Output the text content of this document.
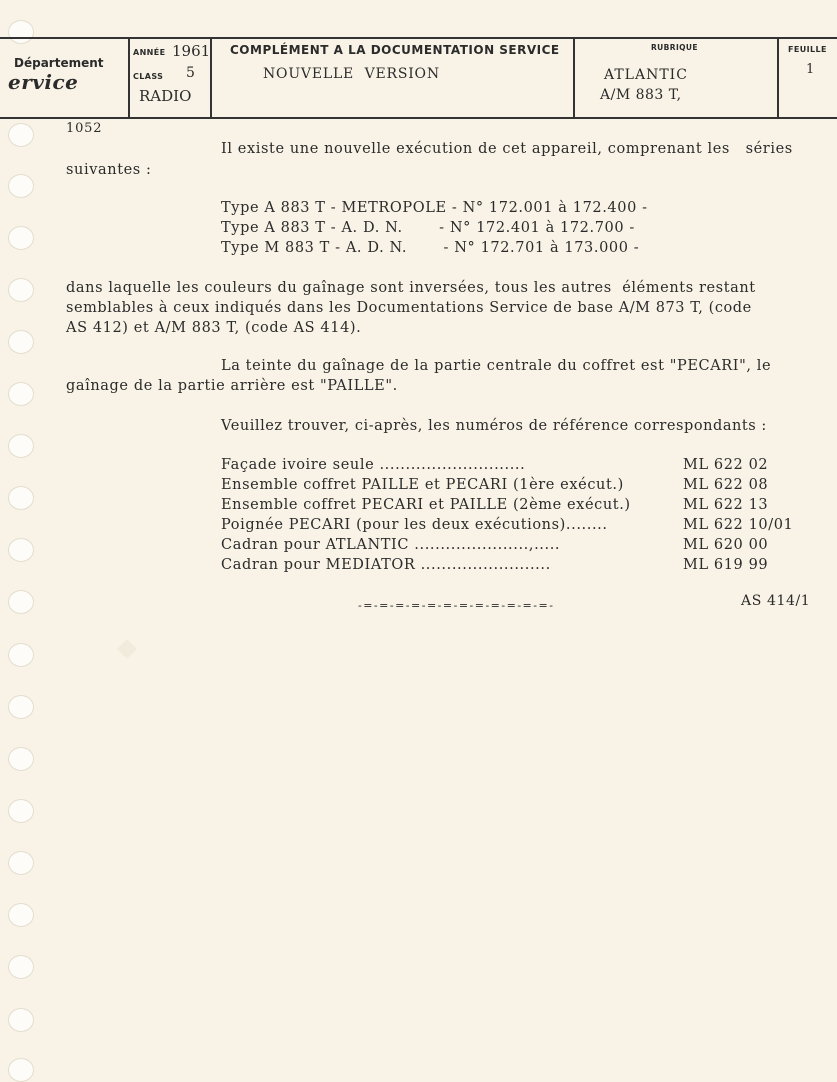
Département
ervice
ANNÉE 1961
CLASS 5
RADIO
COMPLÉMENT A LA DOCUMENTATION SERVICE
NOUVELLE  VERSION
RUBRIQUE
ATLANTIC
A/M 883 T,
FEUILLE
1
1052
Il existe une nouvelle exécution de cet appareil, comprenant les   séries
suivantes :
Type A 883 T - METROPOLE - N° 172.001 à 172.400 -
Type A 883 T - A. D. N.       - N° 172.401 à 172.700 -
Type M 883 T - A. D. N.       - N° 172.701 à 173.000 -
dans laquelle les couleurs du gaînage sont inversées, tous les autres  éléments restant
semblables à ceux indiqués dans les Documentations Service de base A/M 873 T, (code
AS 412) et A/M 883 T, (code AS 414).
La teinte du gaînage de la partie centrale du coffret est "PECARI", le
gaînage de la partie arrière est "PAILLE".
Veuillez trouver, ci-après, les numéros de référence correspondants :
Façade ivoire seule ............................	ML 622 02
Ensemble coffret PAILLE et PECARI (1ère exécut.)	ML 622 08
Ensemble coffret PECARI et PAILLE (2ème exécut.)	ML 622 13
Poignée PECARI (pour les deux exécutions)........	ML 622 10/01
Cadran pour ATLANTIC ......................,.....	ML 620 00
Cadran pour MEDIATOR .........................	ML 619 99
-=-=-=-=-=-=-=-=-=-=-=-=-	AS 414/1
